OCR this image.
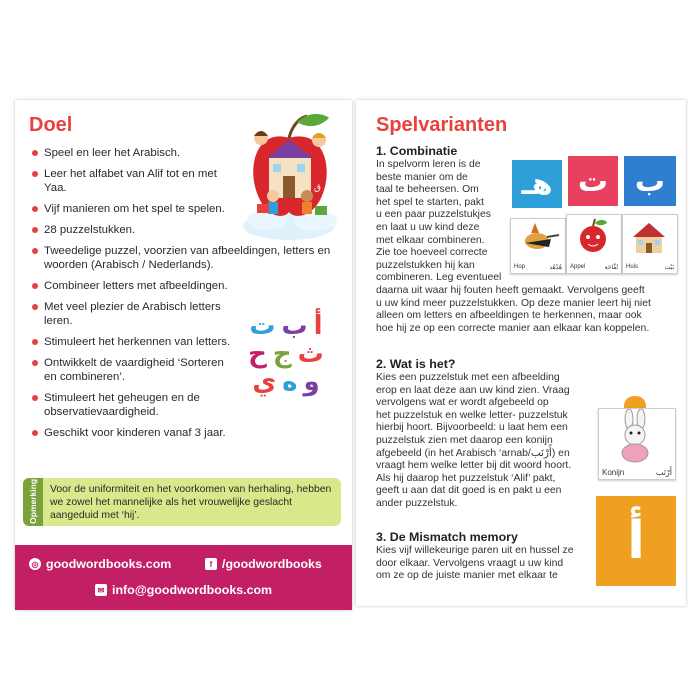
Doel
Speel en leer het Arabisch.
Leer het alfabet van Alif tot en met Yaa.
Vijf manieren om het spel te spelen.
28 puzzelstukken.
Tweedelige puzzel, voorzien van afbeeldingen, letters en woorden (Arabisch / Nederlands).
Combineer letters met afbeeldingen.
Met veel plezier de Arabisch letters leren.
Stimuleert het herkennen van letters.
Ontwikkelt de vaardigheid ‘Sorteren en combineren’.
Stimuleert het geheugen en de observatievaardigheid.
Geschikt voor kinderen vanaf 3 jaar.
س ل ق
أبت
ثجح
وهي
Opmerking: Voor de uniformiteit en het voorkomen van herhaling, hebben we zowel het mannelijke als het vrouwelijke geslacht aangeduid met ‘hij’.
◎ goodwordbooks.com	f /goodwordbooks
✉ info@goodwordbooks.com
Spelvarianten
1. Combinatie
In spelvorm leren is de
beste manier om de
taal te beheersen. Om
het spel te starten, pakt
u een paar puzzelstukjes
en laat u uw kind deze
met elkaar combineren.
Zie toe hoeveel correcte
puzzelstukken hij kan
combineren. Leg eventueel
daarna uit waar hij fouten heeft gemaakt. Vervolgens geeft
u uw kind meer puzzelstukken. Op deze manier leert hij niet
alleen om letters en afbeeldingen te herkennen, maar ook
hoe hij ze op een correcte manier aan elkaar kan koppelen.
هـ ت ب
Hop	هُدْهُد Appel	تُفَّاحَة Huis	بَيْت
2. Wat is het?
Kies een puzzelstuk met een afbeelding
erop en laat deze aan uw kind zien. Vraag
vervolgens wat er wordt afgebeeld op
het puzzelstuk en welke letter- puzzelstuk
hierbij hoort. Bijvoorbeeld: u laat hem een
puzzelstuk zien met daarop een konijn
afgebeeld (in het Arabisch ‘arnab/أَرْنَب) en
vraagt hem welke letter bij dit woord hoort.
Als hij daarop het puzzelstuk ‘Alif’ pakt,
geeft u aan dat dit goed is en pakt u een
ander puzzelstuk.
Konijn	أَرْنَب
أ
3. De Mismatch memory
Kies vijf willekeurige paren uit en hussel ze
door elkaar. Vervolgens vraagt u uw kind
om ze op de juiste manier met elkaar te
